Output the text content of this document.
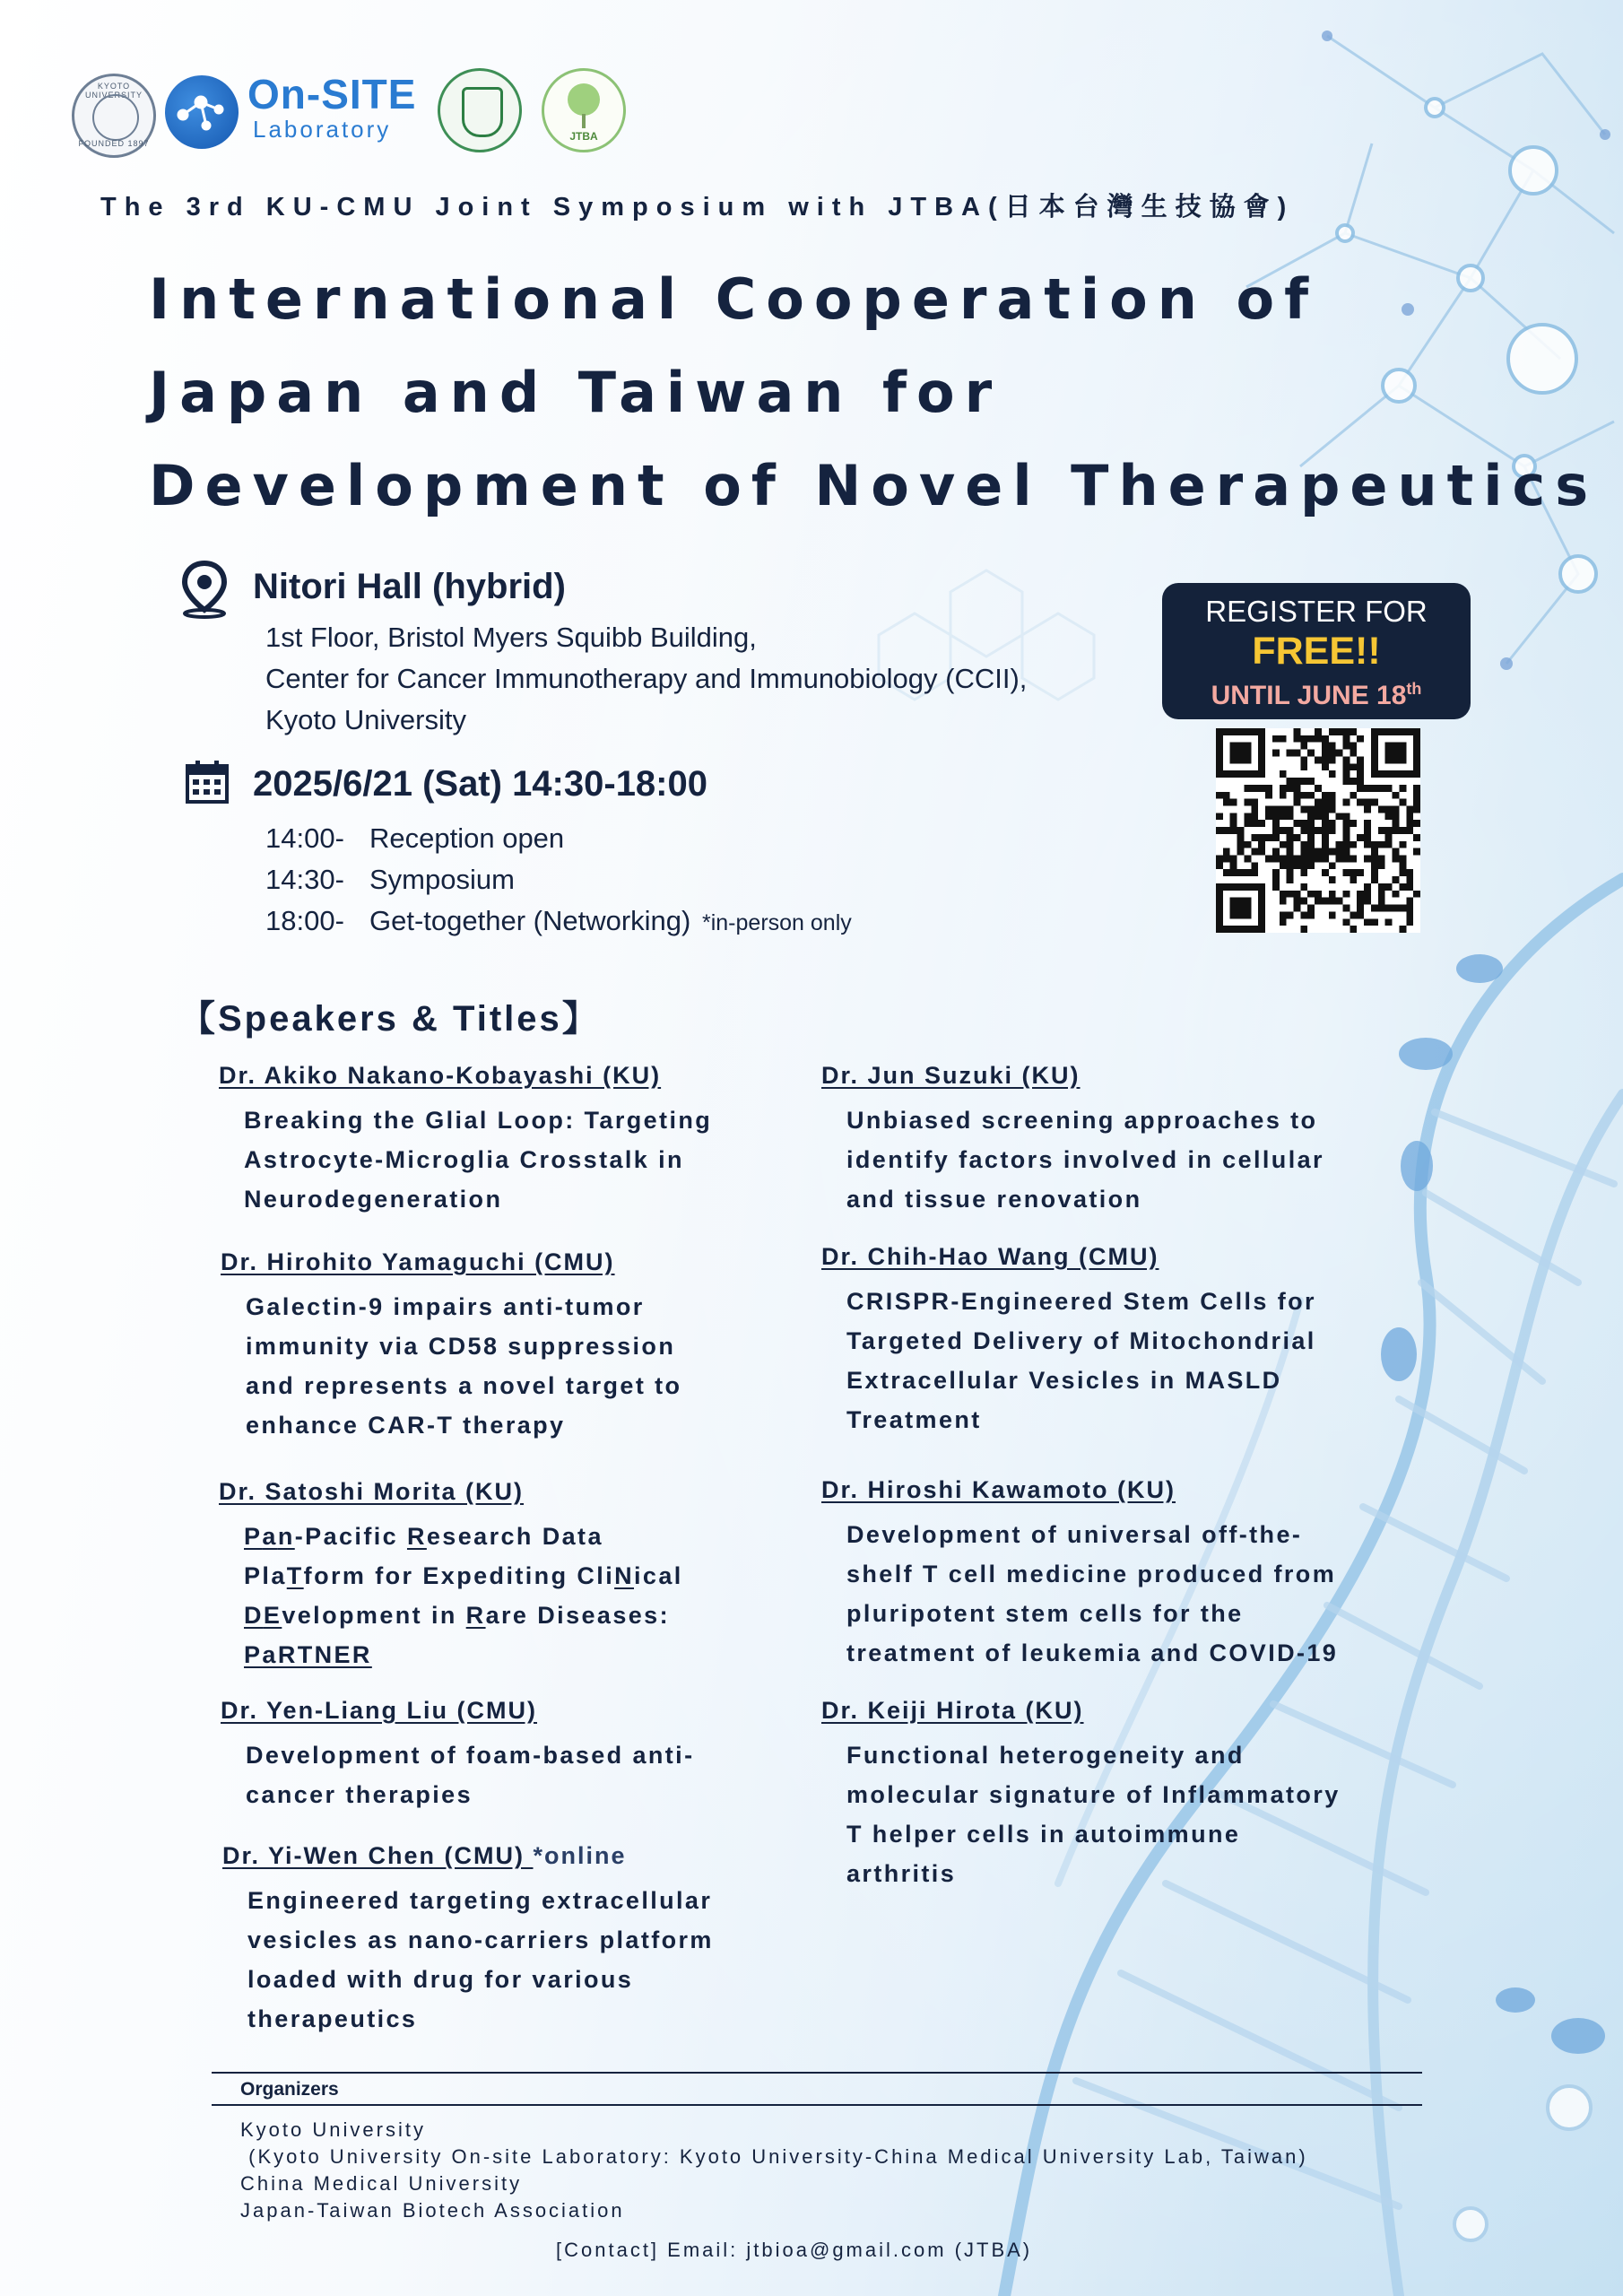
KYOTO UNIVERSITY
FOUNDED 1897
On-SITE
Laboratory	JTBA
The 3rd KU-CMU Joint Symposium with JTBA(日本台灣生技協會)
International Cooperation of
Japan and Taiwan for
Development of Novel Therapeutics
Nitori Hall (hybrid)
1st Floor, Bristol Myers Squibb Building,
Center for Cancer Immunotherapy and Immunobiology (CCII),
Kyoto University
2025/6/21 (Sat) 14:30-18:00
14:00- Reception open
14:30- Symposium
18:00- Get-together (Networking) *in-person only
REGISTER FOR
FREE!!
UNTIL JUNE 18th
【Speakers & Titles】
Dr. Akiko Nakano-Kobayashi (KU)
Breaking the Glial Loop: Targeting
Astrocyte-Microglia Crosstalk in
Neurodegeneration
Dr. Hirohito Yamaguchi (CMU)
Galectin-9 impairs anti-tumor
immunity via CD58 suppression
and represents a novel target to
enhance CAR-T therapy
Dr. Satoshi Morita (KU)
Pan-Pacific Research Data
PlaTform for Expediting CliNical
DEvelopment in Rare Diseases:
PaRTNER
Dr. Yen-Liang Liu (CMU)
Development of foam-based anti-
cancer therapies
Dr. Yi-Wen Chen (CMU) *online
Engineered targeting extracellular
vesicles as nano-carriers platform
loaded with drug for various
therapeutics
Dr. Jun Suzuki (KU)
Unbiased screening approaches to
identify factors involved in cellular
and tissue renovation
Dr. Chih-Hao Wang (CMU)
CRISPR-Engineered Stem Cells for
Targeted Delivery of Mitochondrial
Extracellular Vesicles in MASLD
Treatment
Dr. Hiroshi Kawamoto (KU)
Development of universal off-the-
shelf T cell medicine produced from
pluripotent stem cells for the
treatment of leukemia and COVID-19
Dr. Keiji Hirota (KU)
Functional heterogeneity and
molecular signature of Inflammatory
T helper cells in autoimmune
arthritis
Organizers
Kyoto University
(Kyoto University On-site Laboratory: Kyoto University-China Medical University Lab, Taiwan)
China Medical University
Japan-Taiwan Biotech Association
[Contact] Email: jtbioa@gmail.com (JTBA)
